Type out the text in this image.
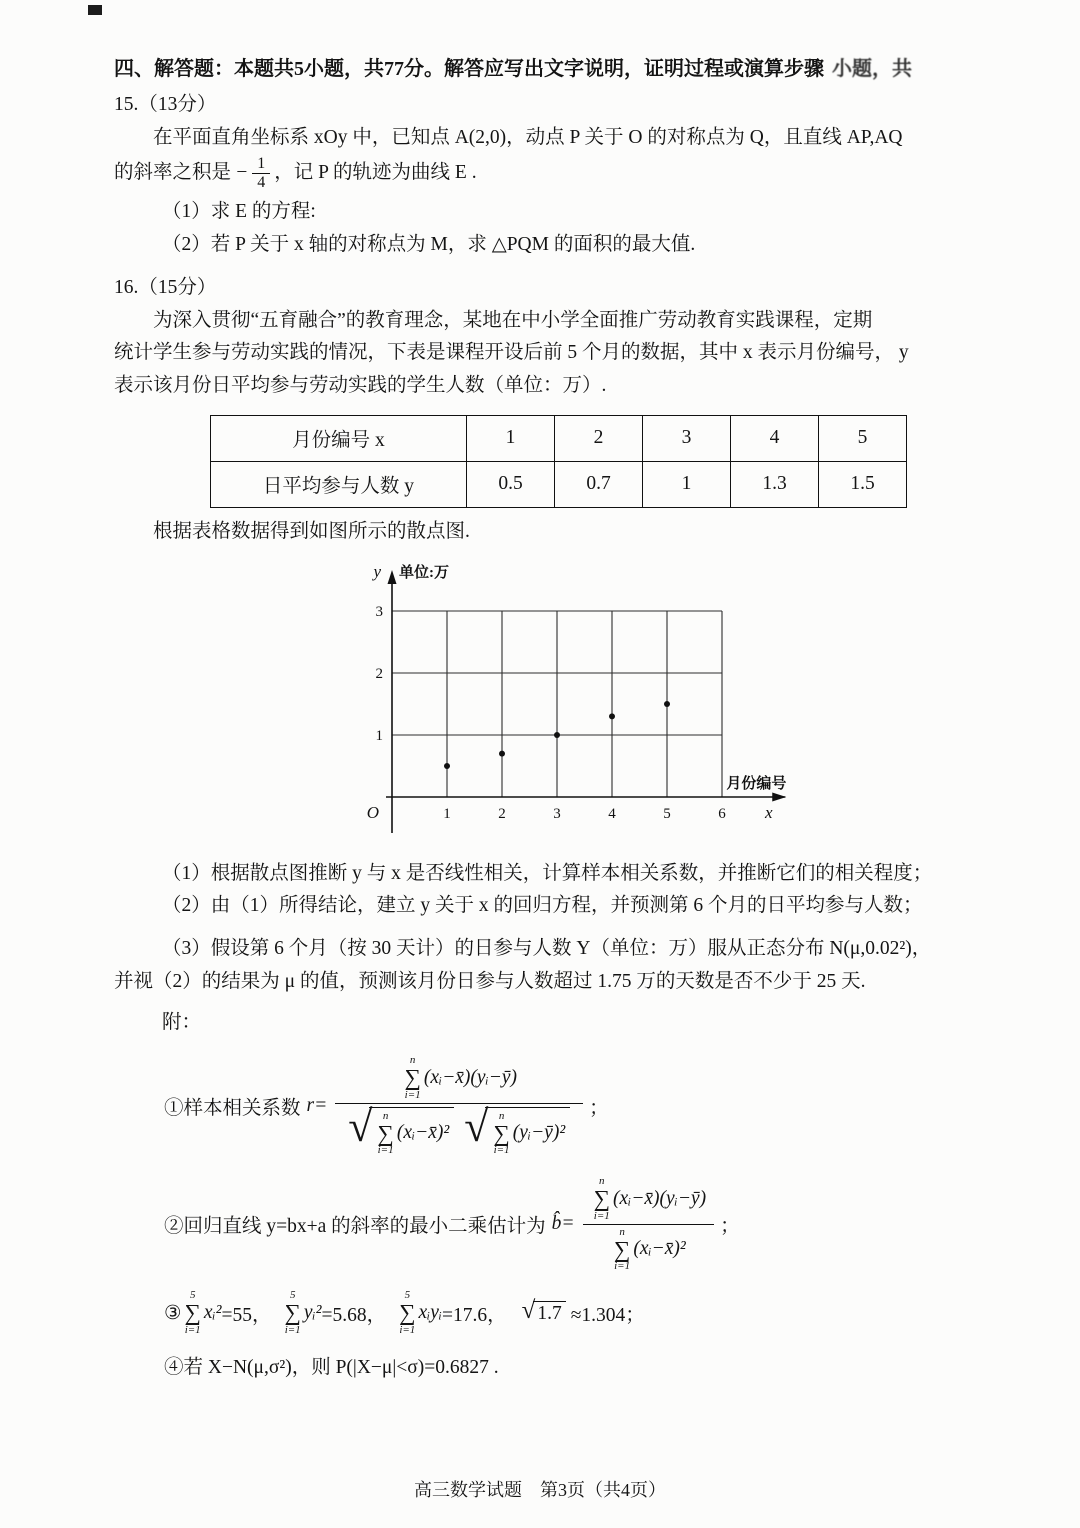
四、解答题：本题共5小题，共77分。解答应写出文字说明，证明过程或演算步骤 小题，共
15.（13分）
在平面直角坐标系 xOy 中，已知点 A(2,0)，动点 P 关于 O 的对称点为 Q，且直线 AP,AQ
的斜率之积是 − $\frac{1}{4}$ ，记 P 的轨迹为曲线 E .
（1）求 E 的方程:
（2）若 P 关于 x 轴的对称点为 M，求 △PQM 的面积的最大值.
16.（15分）
为深入贯彻“五育融合”的教育理念，某地在中小学全面推广劳动教育实践课程，定期
统计学生参与劳动实践的情况，下表是课程开设后前 5 个月的数据，其中 x 表示月份编号， y
表示该月份日平均参与劳动实践的学生人数（单位：万）.
月份编号 x	1	2	3	4	5
日平均参与人数 y	0.5	0.7	1	1.3	1.5
根据表格数据得到如图所示的散点图.
1	2	3	4	5	6
1
2
3
O
y 单位:万
x
月份编号
（1）根据散点图推断 y 与 x 是否线性相关，计算样本相关系数，并推断它们的相关程度；
（2）由（1）所得结论，建立 y 关于 x 的回归方程，并预测第 6 个月的日平均参与人数；
（3）假设第 6 个月（按 30 天计）的日参与人数 Y（单位：万）服从正态分布 N(μ,0.02²)，
并视（2）的结果为 μ 的值，预测该月份日参与人数超过 1.75 万的天数是否不少于 25 天.
附：
①样本相关系数 r=
n
∑
i=1
(xᵢ−x̄)(yᵢ−ȳ)
√ n
∑
i=1
(xᵢ−x̄)² √ n
∑
i=1
(yᵢ−ȳ)²
；
②回归直线 y=bx+a 的斜率的最小二乘估计为 b̂= n
∑
i=1
(xᵢ−x̄)(yᵢ−ȳ)
n
∑
i=1
(xᵢ−x̄)² ；
③
5
∑
i=1
xᵢ² =55，
5
∑
i=1
yᵢ² =5.68，
5
∑
i=1
xᵢyᵢ =17.6， √ 1.7 ≈1.304；
④若 X−N(μ,σ²)，则 P(|X−μ|<σ)=0.6827 .
高三数学试题　第3页（共4页）
